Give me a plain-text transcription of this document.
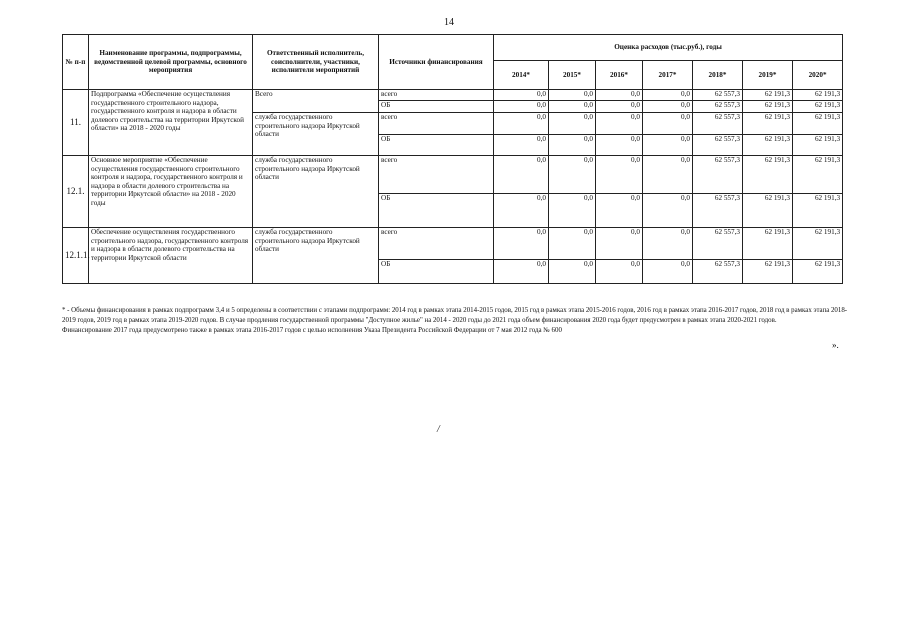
14
№ п-п	Наименование программы, подпрограммы, ведомственной целевой программы, основного мероприятия	Ответственный исполнитель, соисполнители, участники, исполнители мероприятий	Источники финансирования	Оценка расходов (тыс.руб.), годы						
				2014*	2015*	2016*	2017*	2018*	2019*	2020*
11.	Подпрограмма «Обеспечение осуществления государственного строительного надзора, государственного контроля и надзора в области долевого строительства на территории Иркутской области» на 2018 - 2020 годы	Всего	всего	0,0	0,0	0,0	0,0	62 557,3	62 191,3	62 191,3
			ОБ	0,0	0,0	0,0	0,0	62 557,3	62 191,3	62 191,3
		служба государственного строительного надзора Иркутской области	всего	0,0	0,0	0,0	0,0	62 557,3	62 191,3	62 191,3
			ОБ	0,0	0,0	0,0	0,0	62 557,3	62 191,3	62 191,3
12.1.	Основное мероприятие «Обеспечение осуществления государственного строительного контроля и надзора, государственного контроля и надзора в области долевого строительства на территории Иркутской области» на 2018 - 2020 годы	служба государственного строительного надзора Иркутской области	всего	0,0	0,0	0,0	0,0	62 557,3	62 191,3	62 191,3
			ОБ	0,0	0,0	0,0	0,0	62 557,3	62 191,3	62 191,3
12.1.1.	Обеспечение осуществления государственного строительного надзора, государственного контроля и надзора в области долевого строительства на территории Иркутской области	служба государственного строительного надзора Иркутской области	всего	0,0	0,0	0,0	0,0	62 557,3	62 191,3	62 191,3
			ОБ	0,0	0,0	0,0	0,0	62 557,3	62 191,3	62 191,3

* - Объемы финансирования в рамках подпрограмм 3,4 и 5 определены в соответствии с этапами подпрограмм: 2014 год в рамках этапа 2014-2015 годов, 2015 год в рамках этапа 2015-2016 годов, 2016 год в рамках этапа 2016-2017 годов, 2018 год в рамках этапа 2018-2019 годов, 2019 год в рамках этапа 2019-2020 годов. В случае продления государственной программы "Доступное жилье" на 2014 - 2020 годы до 2021 года объем финансирования 2020 года будет предусмотрен в рамках этапа 2020-2021 годов.

Финансирование 2017 года предусмотрено также в рамках этапа 2016-2017 годов с целью исполнения Указа Президента Российской Федерации от 7 мая 2012 года № 600

».
/
